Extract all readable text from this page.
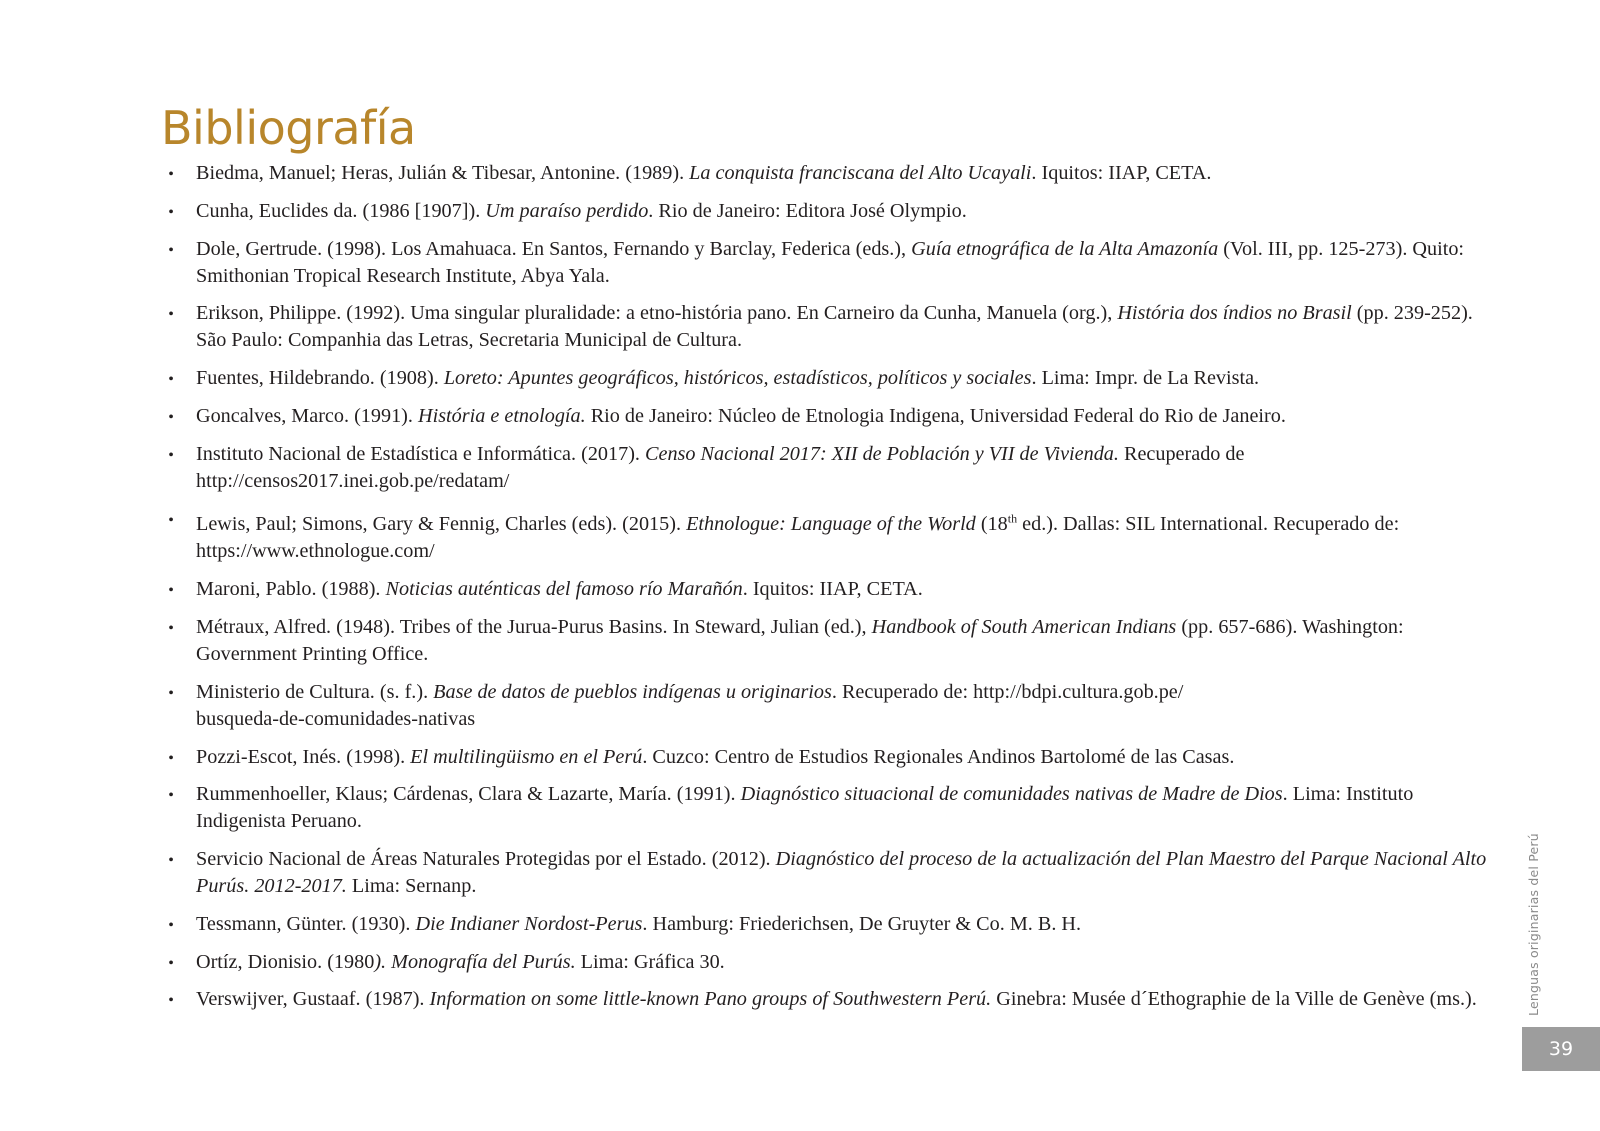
Bibliografía
•
Biedma, Manuel; Heras, Julián & Tibesar, Antonine. (1989). La conquista franciscana del Alto Ucayali. Iquitos: IIAP, CETA.
•
Cunha, Euclides da. (1986 [1907]). Um paraíso perdido. Rio de Janeiro: Editora José Olympio.
•
Dole, Gertrude. (1998). Los Amahuaca. En Santos, Fernando y Barclay, Federica (eds.), Guía etnográfica de la Alta Amazonía (Vol. III, pp. 125-273). Quito: Smithonian Tropical Research Institute, Abya Yala.
•
Erikson, Philippe. (1992). Uma singular pluralidade: a etno-história pano. En Carneiro da Cunha, Manuela (org.), História dos índios no Brasil (pp. 239-252). São Paulo: Companhia das Letras, Secretaria Municipal de Cultura.
•
Fuentes, Hildebrando. (1908). Loreto: Apuntes geográficos, históricos, estadísticos, políticos y sociales. Lima: Impr. de La Revista.
•
Goncalves, Marco. (1991). História e etnología. Rio de Janeiro: Núcleo de Etnologia Indigena, Universidad Federal do Rio de Janeiro.
•
Instituto Nacional de Estadística e Informática. (2017). Censo Nacional 2017: XII de Población y VII de Vivienda. Recuperado de http://censos2017.inei.gob.pe/redatam/
•
Lewis, Paul; Simons, Gary & Fennig, Charles (eds). (2015). Ethnologue: Language of the World (18th ed.). Dallas: SIL International. Recuperado de: https://www.ethnologue.com/
•
Maroni, Pablo. (1988). Noticias auténticas del famoso río Marañón. Iquitos: IIAP, CETA.
•
Métraux, Alfred. (1948). Tribes of the Jurua-Purus Basins. In Steward, Julian (ed.), Handbook of South American Indians (pp. 657-686). Washington: Government Printing Office.
•
Ministerio de Cultura. (s. f.). Base de datos de pueblos indígenas u originarios. Recuperado de: http://bdpi.cultura.gob.pe/
busqueda-de-comunidades-nativas
•
Pozzi-Escot, Inés. (1998). El multilingüismo en el Perú. Cuzco: Centro de Estudios Regionales Andinos Bartolomé de las Casas.
•
Rummenhoeller, Klaus; Cárdenas, Clara & Lazarte, María. (1991). Diagnóstico situacional de comunidades nativas de Madre de Dios. Lima: Instituto Indigenista Peruano.
•
Servicio Nacional de Áreas Naturales Protegidas por el Estado. (2012). Diagnóstico del proceso de la actualización del Plan Maestro del Parque Nacional Alto Purús. 2012-2017. Lima: Sernanp.
•
Tessmann, Günter. (1930). Die Indianer Nordost-Perus. Hamburg: Friederichsen, De Gruyter & Co. M. B. H.
•
Ortíz, Dionisio. (1980). Monografía del Purús. Lima: Gráfica 30.
•
Verswijver, Gustaaf. (1987). Information on some little-known Pano groups of Southwestern Perú. Ginebra: Musée d´Ethographie de la Ville de Genève (ms.).	Lenguas originarias del Perú
39
